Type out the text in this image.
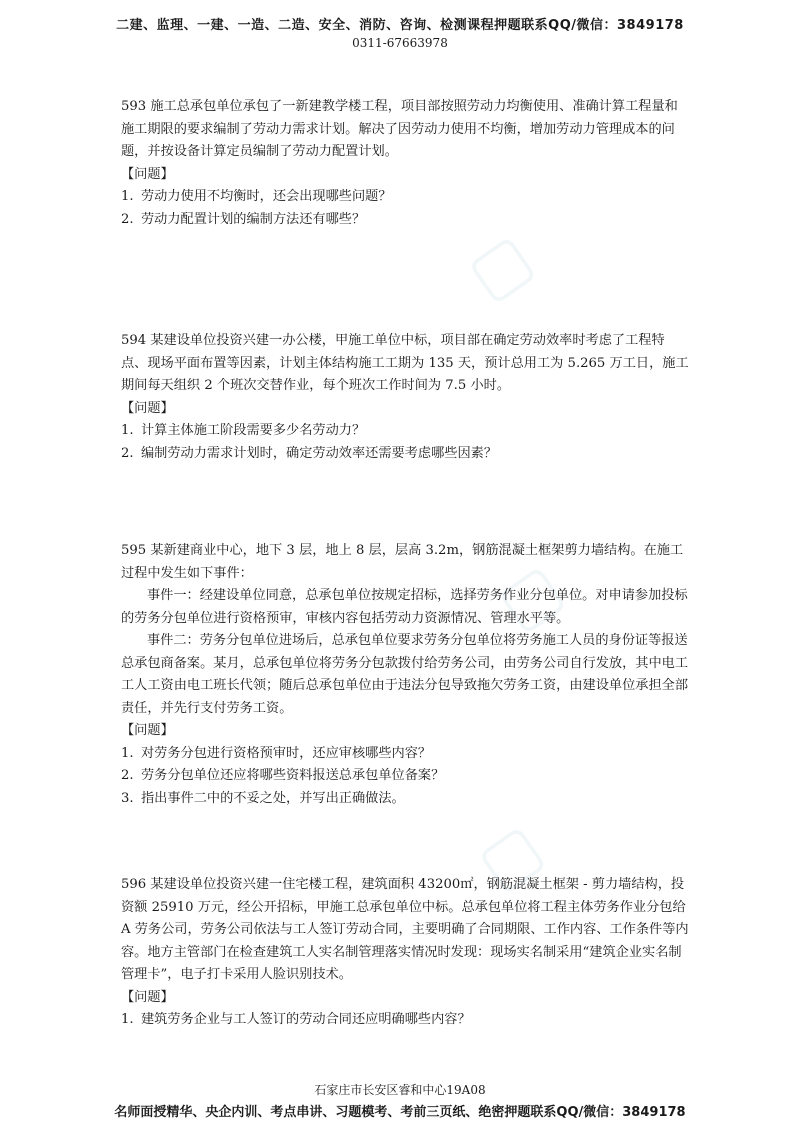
▢
▢
▢
二建、监理、一建、一造、二造、安全、消防、咨询、检测课程押题联系QQ/微信：3849178
0311-67663978

593 施工总承包单位承包了一新建教学楼工程，项目部按照劳动力均衡使用、准确计算工程量和施工期限的要求编制了劳动力需求计划。解决了因劳动力使用不均衡，增加劳动力管理成本的问题，并按设备计算定员编制了劳动力配置计划。

【问题】

1. 劳动力使用不均衡时，还会出现哪些问题？
2. 劳动力配置计划的编制方法还有哪些？

594 某建设单位投资兴建一办公楼，甲施工单位中标，项目部在确定劳动效率时考虑了工程特点、现场平面布置等因素，计划主体结构施工工期为 135 天，预计总用工为 5.265 万工日，施工期间每天组织 2 个班次交替作业，每个班次工作时间为 7.5 小时。

【问题】

1. 计算主体施工阶段需要多少名劳动力？
2. 编制劳动力需求计划时，确定劳动效率还需要考虑哪些因素？

595 某新建商业中心，地下 3 层，地上 8 层，层高 3.2m，钢筋混凝土框架剪力墙结构。在施工过程中发生如下事件：

事件一：经建设单位同意，总承包单位按规定招标，选择劳务作业分包单位。对申请参加投标的劳务分包单位进行资格预审，审核内容包括劳动力资源情况、管理水平等。

事件二：劳务分包单位进场后，总承包单位要求劳务分包单位将劳务施工人员的身份证等报送总承包商备案。某月，总承包单位将劳务分包款拨付给劳务公司，由劳务公司自行发放，其中电工工人工资由电工班长代领；随后总承包单位由于违法分包导致拖欠劳务工资，由建设单位承担全部责任，并先行支付劳务工资。

【问题】

1. 对劳务分包进行资格预审时，还应审核哪些内容？
2. 劳务分包单位还应将哪些资料报送总承包单位备案？
3. 指出事件二中的不妥之处，并写出正确做法。

596 某建设单位投资兴建一住宅楼工程，建筑面积 43200㎡，钢筋混凝土框架 - 剪力墙结构，投资额 25910 万元，经公开招标，甲施工总承包单位中标。总承包单位将工程主体劳务作业分包给 A 劳务公司，劳务公司依法与工人签订劳动合同，主要明确了合同期限、工作内容、工作条件等内容。地方主管部门在检查建筑工人实名制管理落实情况时发现：现场实名制采用“建筑企业实名制管理卡”，电子打卡采用人脸识别技术。

【问题】

1. 建筑劳务企业与工人签订的劳动合同还应明确哪些内容？
石家庄市长安区睿和中心19A08
名师面授精华、央企内训、考点串讲、习题模考、考前三页纸、绝密押题联系QQ/微信：3849178
